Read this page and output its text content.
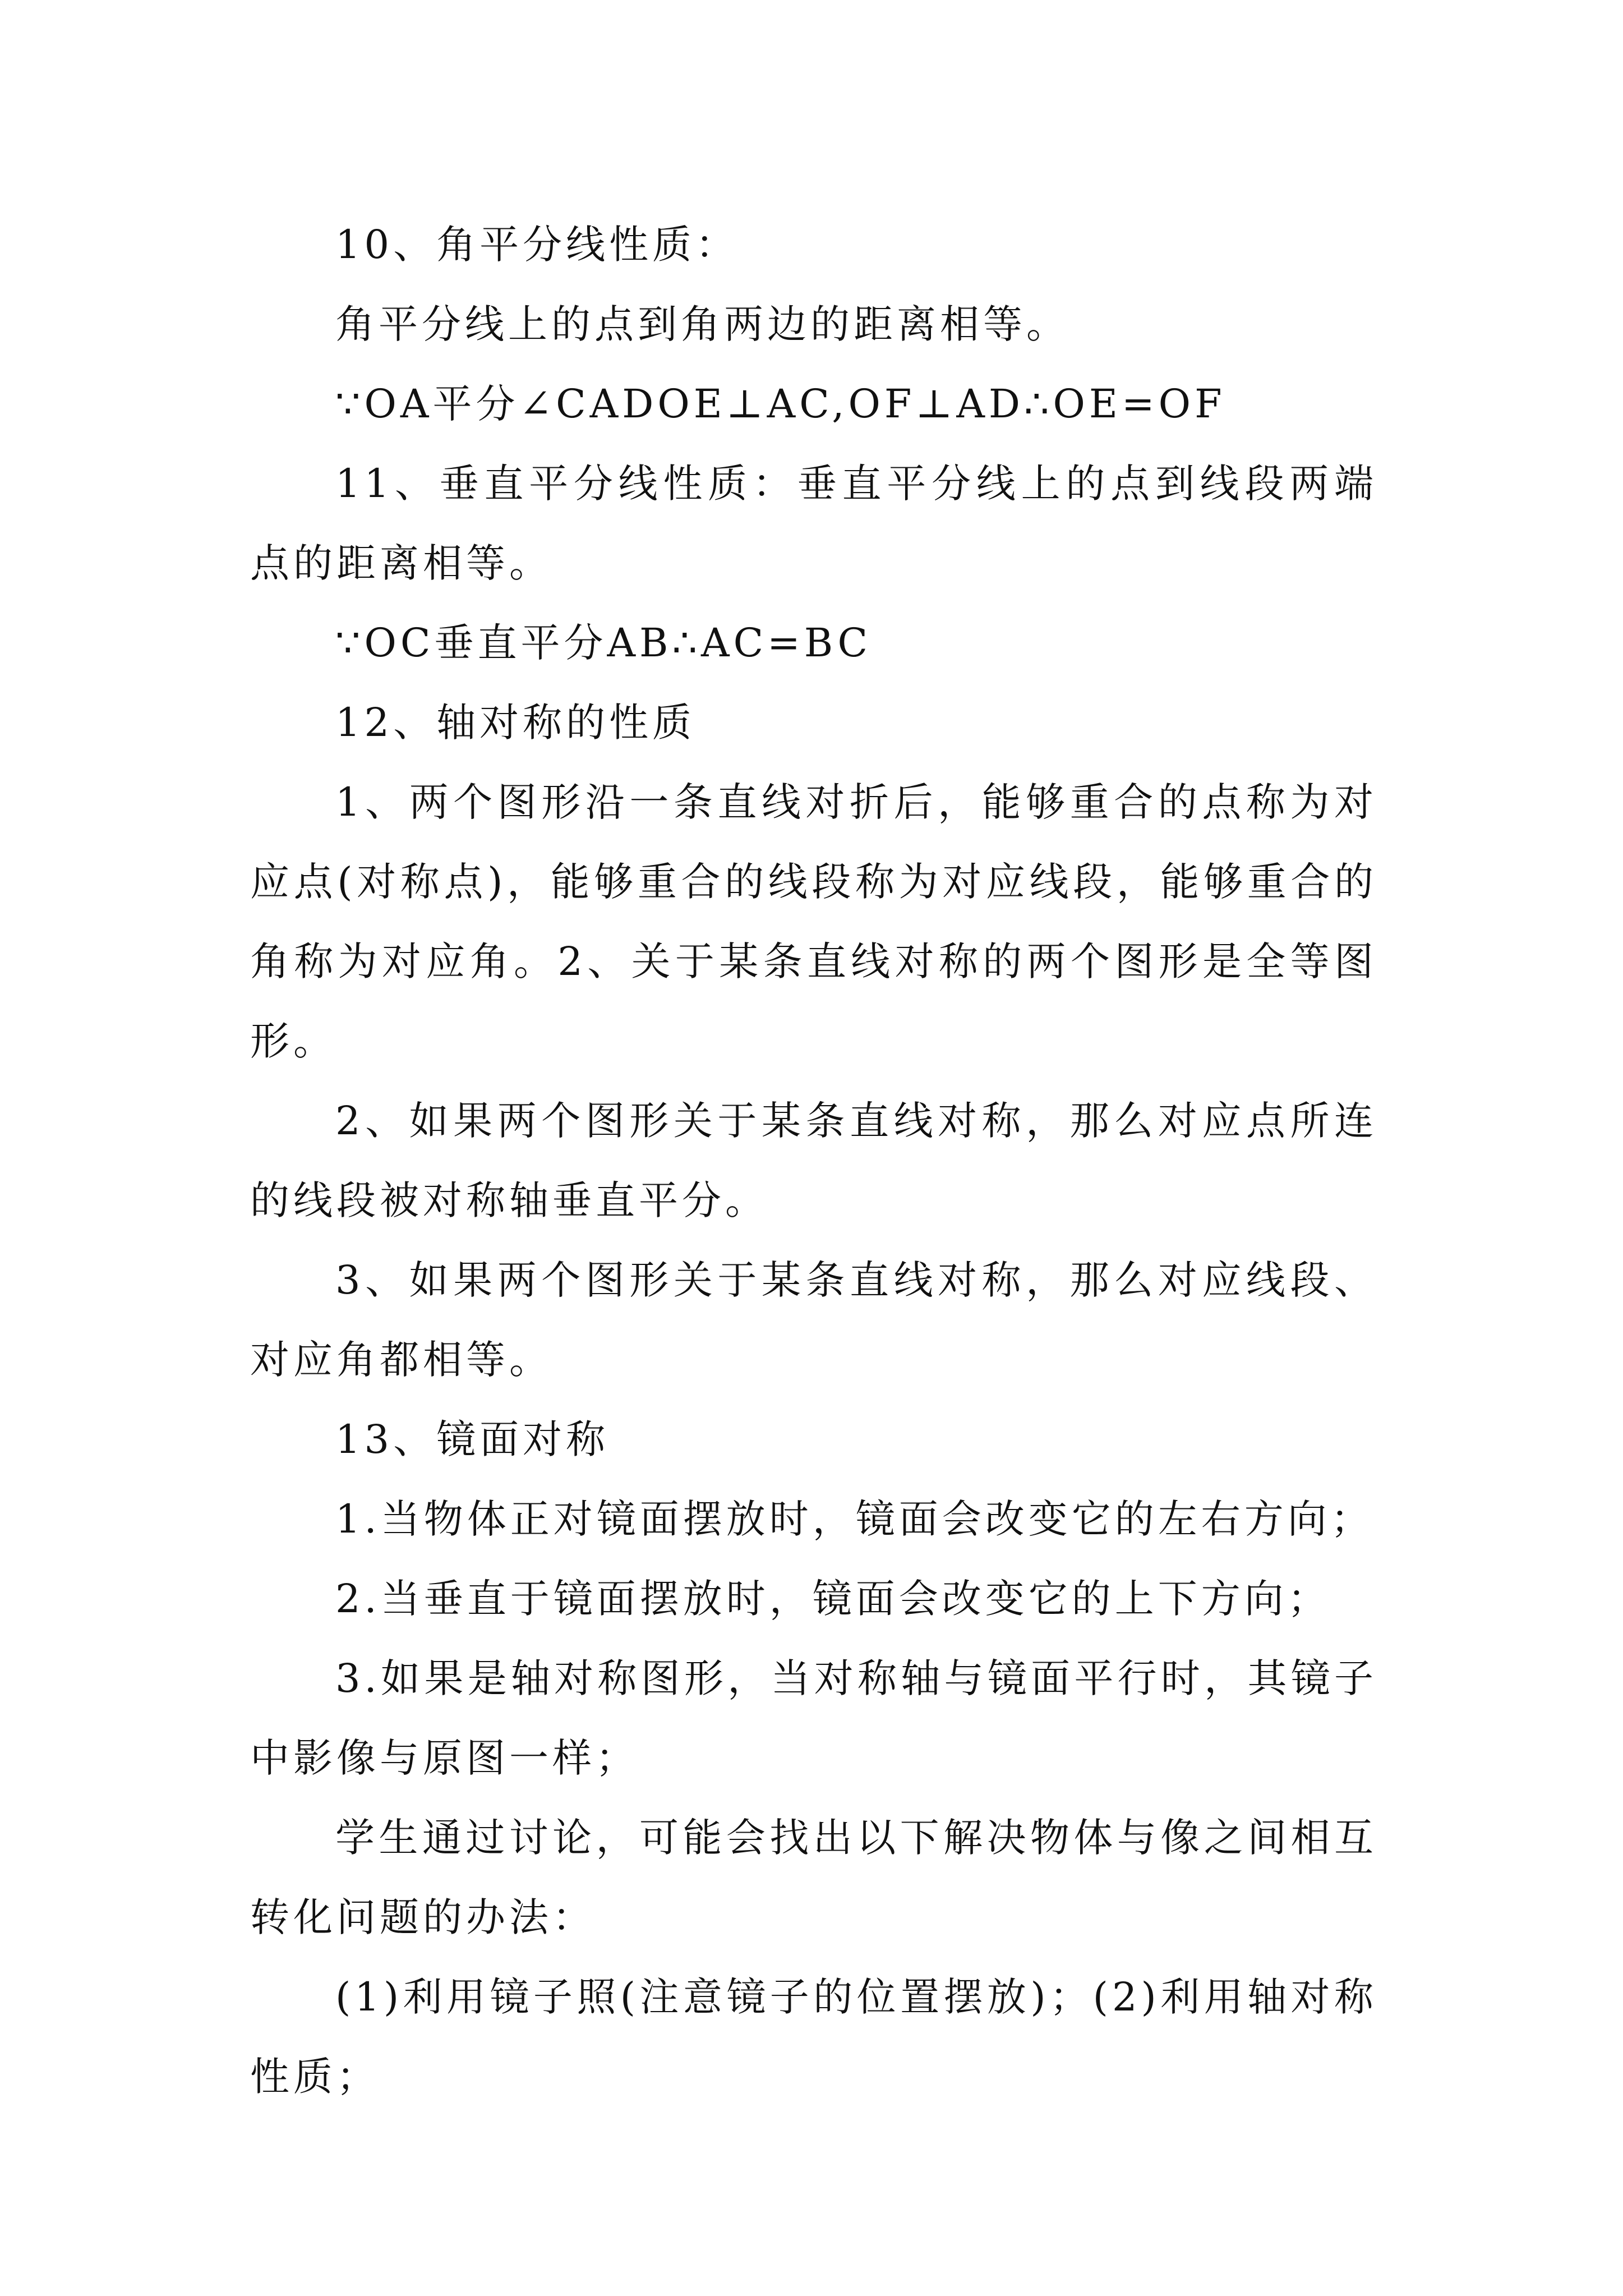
10、角平分线性质：

角平分线上的点到角两边的距离相等。

∵OA平分∠CADOE⊥AC,OF⊥AD∴OE=OF

11、垂直平分线性质：垂直平分线上的点到线段两端点的距离相等。

∵OC垂直平分AB∴AC=BC

12、轴对称的性质

1、两个图形沿一条直线对折后，能够重合的点称为对应点(对称点)，能够重合的线段称为对应线段，能够重合的角称为对应角。2、关于某条直线对称的两个图形是全等图形。

2、如果两个图形关于某条直线对称，那么对应点所连的线段被对称轴垂直平分。

3、如果两个图形关于某条直线对称，那么对应线段、对应角都相等。

13、镜面对称

1.当物体正对镜面摆放时，镜面会改变它的左右方向；

2.当垂直于镜面摆放时，镜面会改变它的上下方向；

3.如果是轴对称图形，当对称轴与镜面平行时，其镜子中影像与原图一样；

学生通过讨论，可能会找出以下解决物体与像之间相互转化问题的办法：

(1)利用镜子照(注意镜子的位置摆放)；(2)利用轴对称性质；
